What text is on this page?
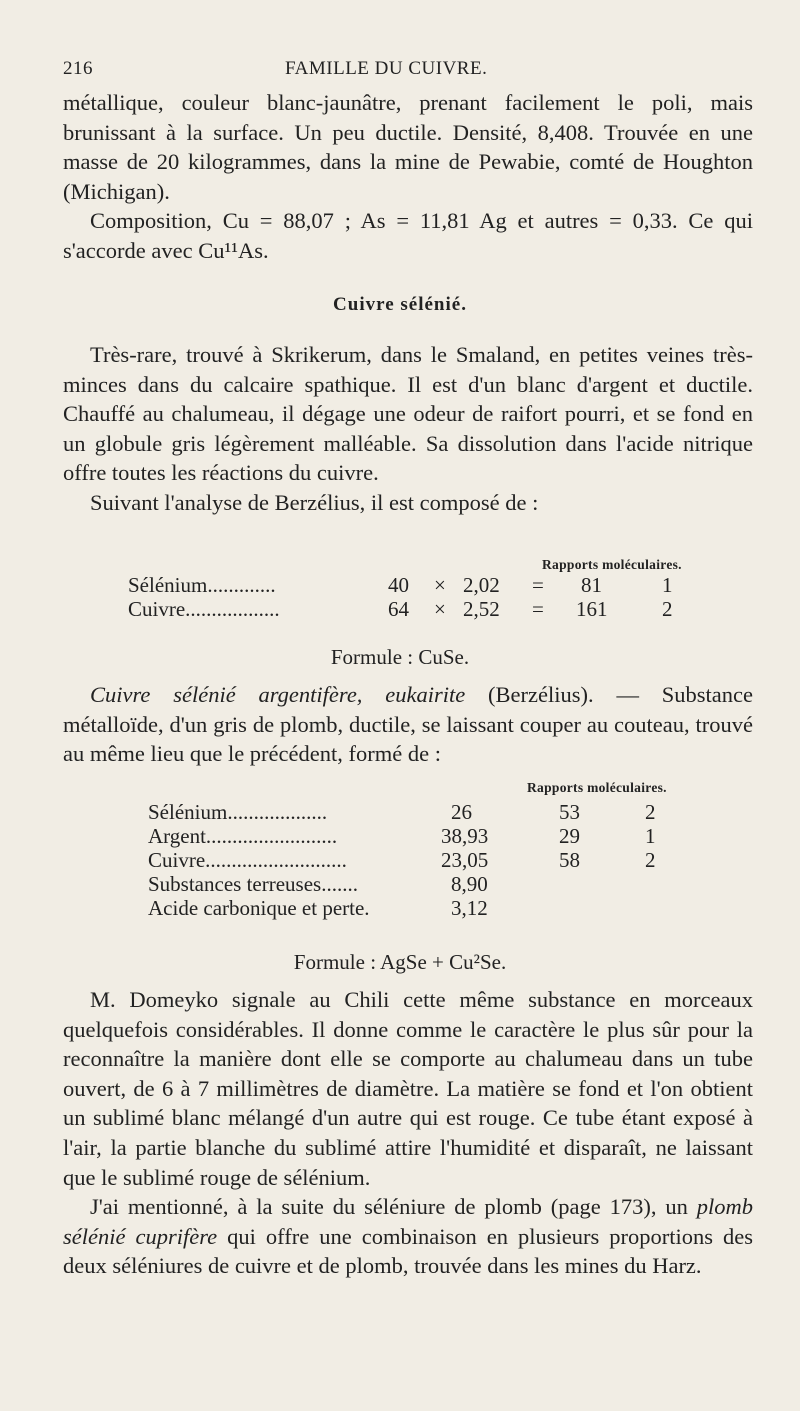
216	FAMILLE DU CUIVRE.

métallique, couleur blanc-jaunâtre, prenant facilement le poli, mais brunissant à la surface. Un peu ductile. Densité, 8,408. Trouvée en une masse de 20 kilogrammes, dans la mine de Pewabie, comté de Houghton (Michigan).

Composition, Cu = 88,07 ; As = 11,81 Ag et autres = 0,33. Ce qui s'accorde avec Cu¹¹As.

Cuivre sélénié.

Très-rare, trouvé à Skrikerum, dans le Smaland, en petites veines très-minces dans du calcaire spathique. Il est d'un blanc d'argent et ductile. Chauffé au chalumeau, il dégage une odeur de raifort pourri, et se fond en un globule gris légèrement malléable. Sa dissolution dans l'acide nitrique offre toutes les réactions du cuivre.

Suivant l'analyse de Berzélius, il est composé de :

Rapports moléculaires.
Sélénium.............	40 × 2,02 = 81	1
Cuivre..................	64 × 2,52 = 161	2
Formule : CuSe.

Cuivre sélénié argentifère, eukairite (Berzélius). — Substance métalloïde, d'un gris de plomb, ductile, se laissant couper au couteau, trouvé au même lieu que le précédent, formé de :

Rapports moléculaires.
Sélénium...................	26	53	2
Argent.........................	38,93	29	1
Cuivre...........................	23,05	58	2
Substances terreuses.......	8,90
Acide carbonique et perte.	3,12
Formule : AgSe + Cu²Se.

M. Domeyko signale au Chili cette même substance en morceaux quelquefois considérables. Il donne comme le caractère le plus sûr pour la reconnaître la manière dont elle se comporte au chalumeau dans un tube ouvert, de 6 à 7 millimètres de diamètre. La matière se fond et l'on obtient un sublimé blanc mélangé d'un autre qui est rouge. Ce tube étant exposé à l'air, la partie blanche du sublimé attire l'humidité et disparaît, ne laissant que le sublimé rouge de sélénium.

J'ai mentionné, à la suite du séléniure de plomb (page 173), un plomb sélénié cuprifère qui offre une combinaison en plusieurs proportions des deux séléniures de cuivre et de plomb, trouvée dans les mines du Harz.
